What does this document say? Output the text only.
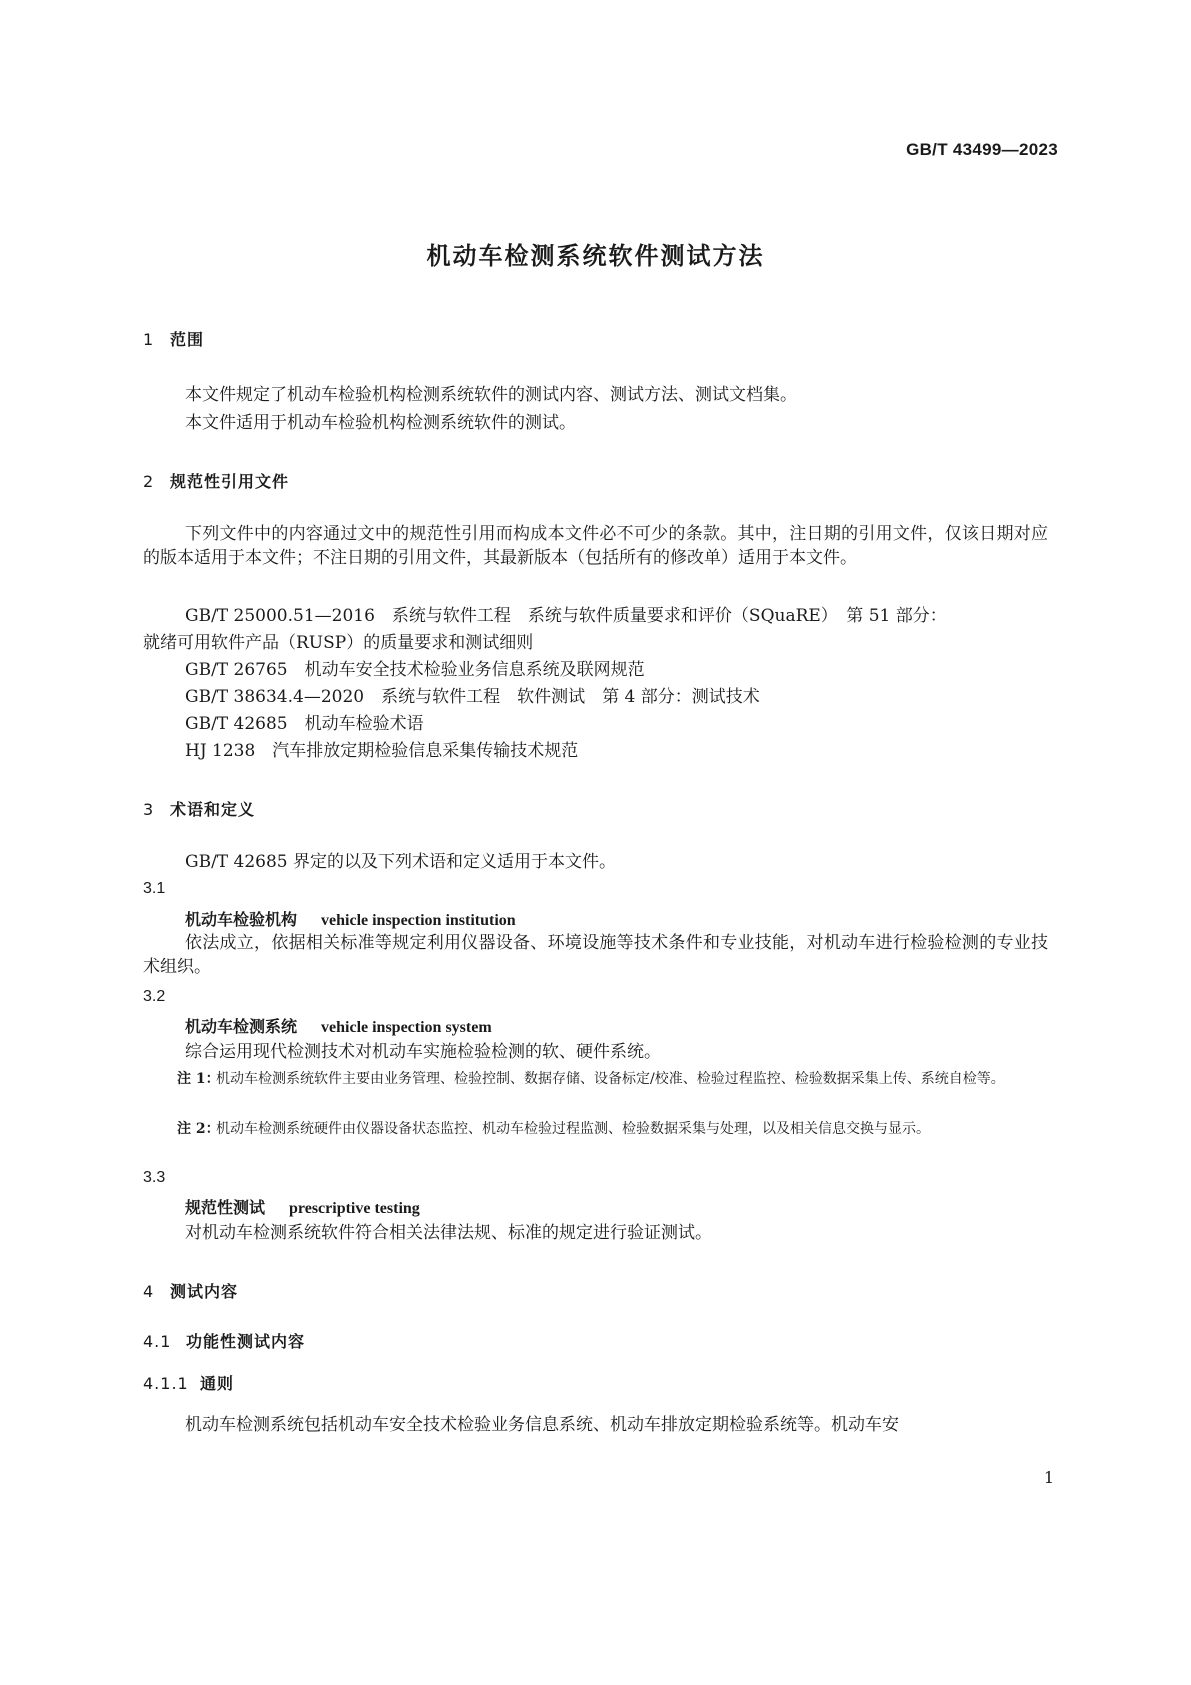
GB/T 43499—2023
机动车检测系统软件测试方法
1 范围
本文件规定了机动车检验机构检测系统软件的测试内容、测试方法、测试文档集。
本文件适用于机动车检验机构检测系统软件的测试。
2 规范性引用文件
下列文件中的内容通过文中的规范性引用而构成本文件必不可少的条款。其中，注日期的引用文件，仅该日期对应的版本适用于本文件；不注日期的引用文件，其最新版本（包括所有的修改单）适用于本文件。
GB/T 25000.51—2016　系统与软件工程　系统与软件质量要求和评价（SQuaRE）　第 51 部分：
就绪可用软件产品（RUSP）的质量要求和测试细则
GB/T 26765　机动车安全技术检验业务信息系统及联网规范
GB/T 38634.4—2020　系统与软件工程　软件测试　第 4 部分：测试技术
GB/T 42685　机动车检验术语
HJ 1238　汽车排放定期检验信息采集传输技术规范
3 术语和定义
GB/T 42685 界定的以及下列术语和定义适用于本文件。
3.1
机动车检验机构 vehicle inspection institution
依法成立，依据相关标准等规定利用仪器设备、环境设施等技术条件和专业技能，对机动车进行检验检测的专业技术组织。
3.2
机动车检测系统 vehicle inspection system
综合运用现代检测技术对机动车实施检验检测的软、硬件系统。
注 1：
机动车检测系统软件主要由业务管理、检验控制、数据存储、设备标定/校准、检验过程监控、检验数据采集上传、系统自检等。
注 2：
机动车检测系统硬件由仪器设备状态监控、机动车检验过程监测、检验数据采集与处理，以及相关信息交换与显示。
3.3
规范性测试 prescriptive testing
对机动车检测系统软件符合相关法律法规、标准的规定进行验证测试。
4 测试内容
4.1 功能性测试内容
4.1.1 通则
机动车检测系统包括机动车安全技术检验业务信息系统、机动车排放定期检验系统等。机动车安
1
